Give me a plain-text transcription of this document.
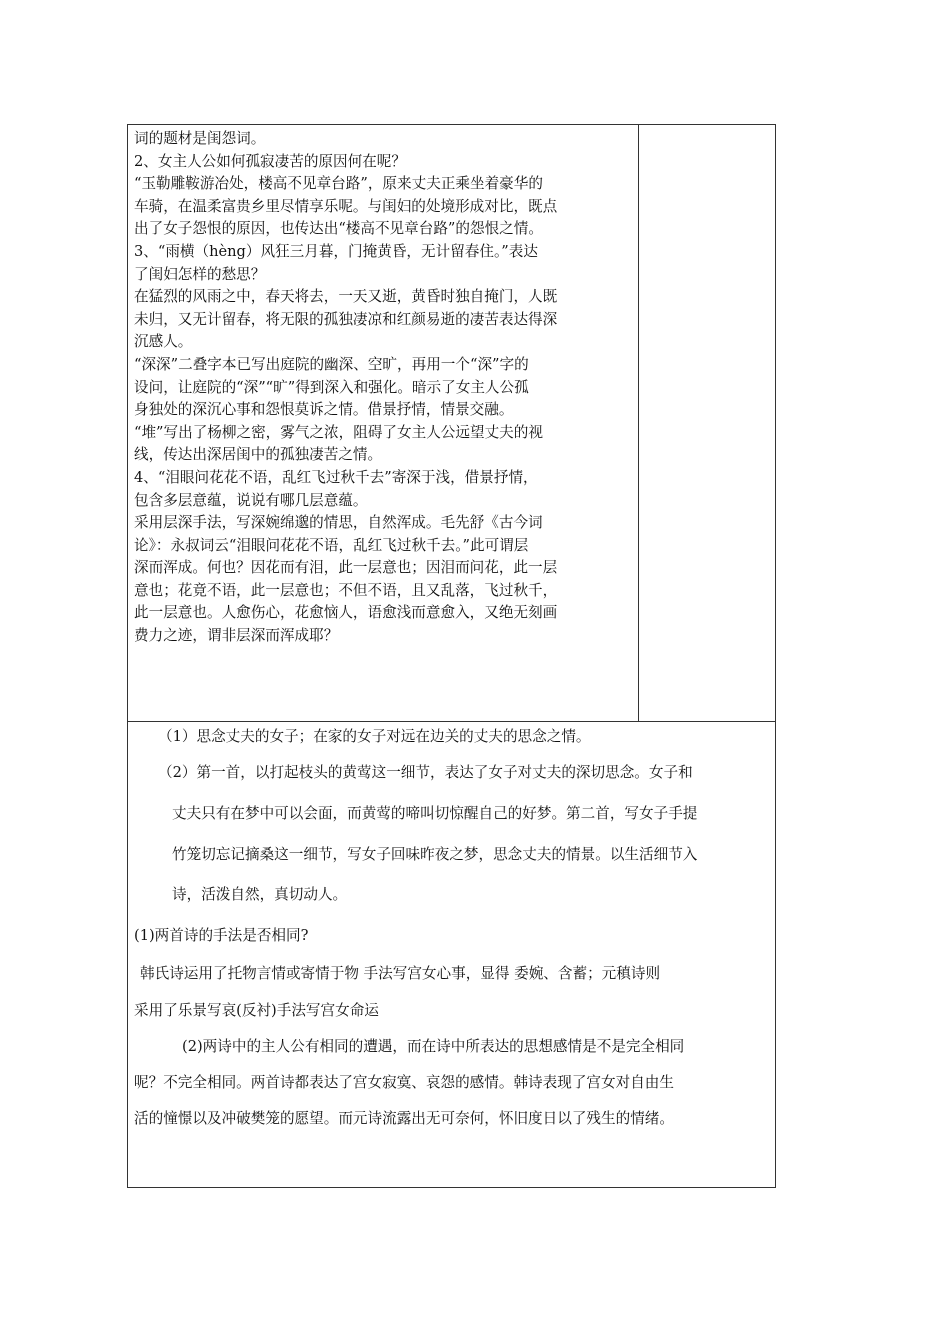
词的题材是闺怨词。

2、女主人公如何孤寂凄苦的原因何在呢？

“玉勒雕鞍游冶处，楼高不见章台路”，原来丈夫正乘坐着豪华的

车骑，在温柔富贵乡里尽情享乐呢。与闺妇的处境形成对比，既点

出了女子怨恨的原因，也传达出“楼高不见章台路”的怨恨之情。

3、“雨横（hèng）风狂三月暮，门掩黄昏，无计留春住。”表达

了闺妇怎样的愁思？

在猛烈的风雨之中，春天将去，一天又逝，黄昏时独自掩门，人既

未归，又无计留春，将无限的孤独凄凉和红颜易逝的凄苦表达得深

沉感人。

“深深”二叠字本已写出庭院的幽深、空旷，再用一个“深”字的

设问，让庭院的“深”“旷”得到深入和强化。暗示了女主人公孤

身独处的深沉心事和怨恨莫诉之情。借景抒情，情景交融。

“堆”写出了杨柳之密，雾气之浓，阻碍了女主人公远望丈夫的视

线，传达出深居闺中的孤独凄苦之情。

4、“泪眼问花花不语，乱红飞过秋千去”寄深于浅，借景抒情，

包含多层意蕴，说说有哪几层意蕴。

采用层深手法，写深婉绵邈的情思，自然浑成。毛先舒《古今词

论》：永叔词云“泪眼问花花不语，乱红飞过秋千去。”此可谓层

深而浑成。何也？因花而有泪，此一层意也；因泪而问花，此一层

意也；花竟不语，此一层意也；不但不语，且又乱落，飞过秋千，

此一层意也。人愈伤心，花愈恼人，语愈浅而意愈入，又绝无刻画

费力之迹，谓非层深而浑成耶？

（1）思念丈夫的女子；在家的女子对远在边关的丈夫的思念之情。

（2）第一首，以打起枝头的黄莺这一细节，表达了女子对丈夫的深切思念。女子和

丈夫只有在梦中可以会面，而黄莺的啼叫切惊醒自己的好梦。第二首，写女子手提

竹笼切忘记摘桑这一细节，写女子回味昨夜之梦，思念丈夫的情景。以生活细节入

诗，活泼自然，真切动人。

(1)两首诗的手法是否相同?

韩氏诗运用了托物言情或寄情于物 手法写宫女心事，显得 委婉、含蓄；元稹诗则

采用了乐景写哀(反衬)手法写宫女命运

(2)两诗中的主人公有相同的遭遇，而在诗中所表达的思想感情是不是完全相同

呢？不完全相同。两首诗都表达了宫女寂寞、哀怨的感情。韩诗表现了宫女对自由生

活的憧憬以及冲破樊笼的愿望。而元诗流露出无可奈何，怀旧度日以了残生的情绪。
